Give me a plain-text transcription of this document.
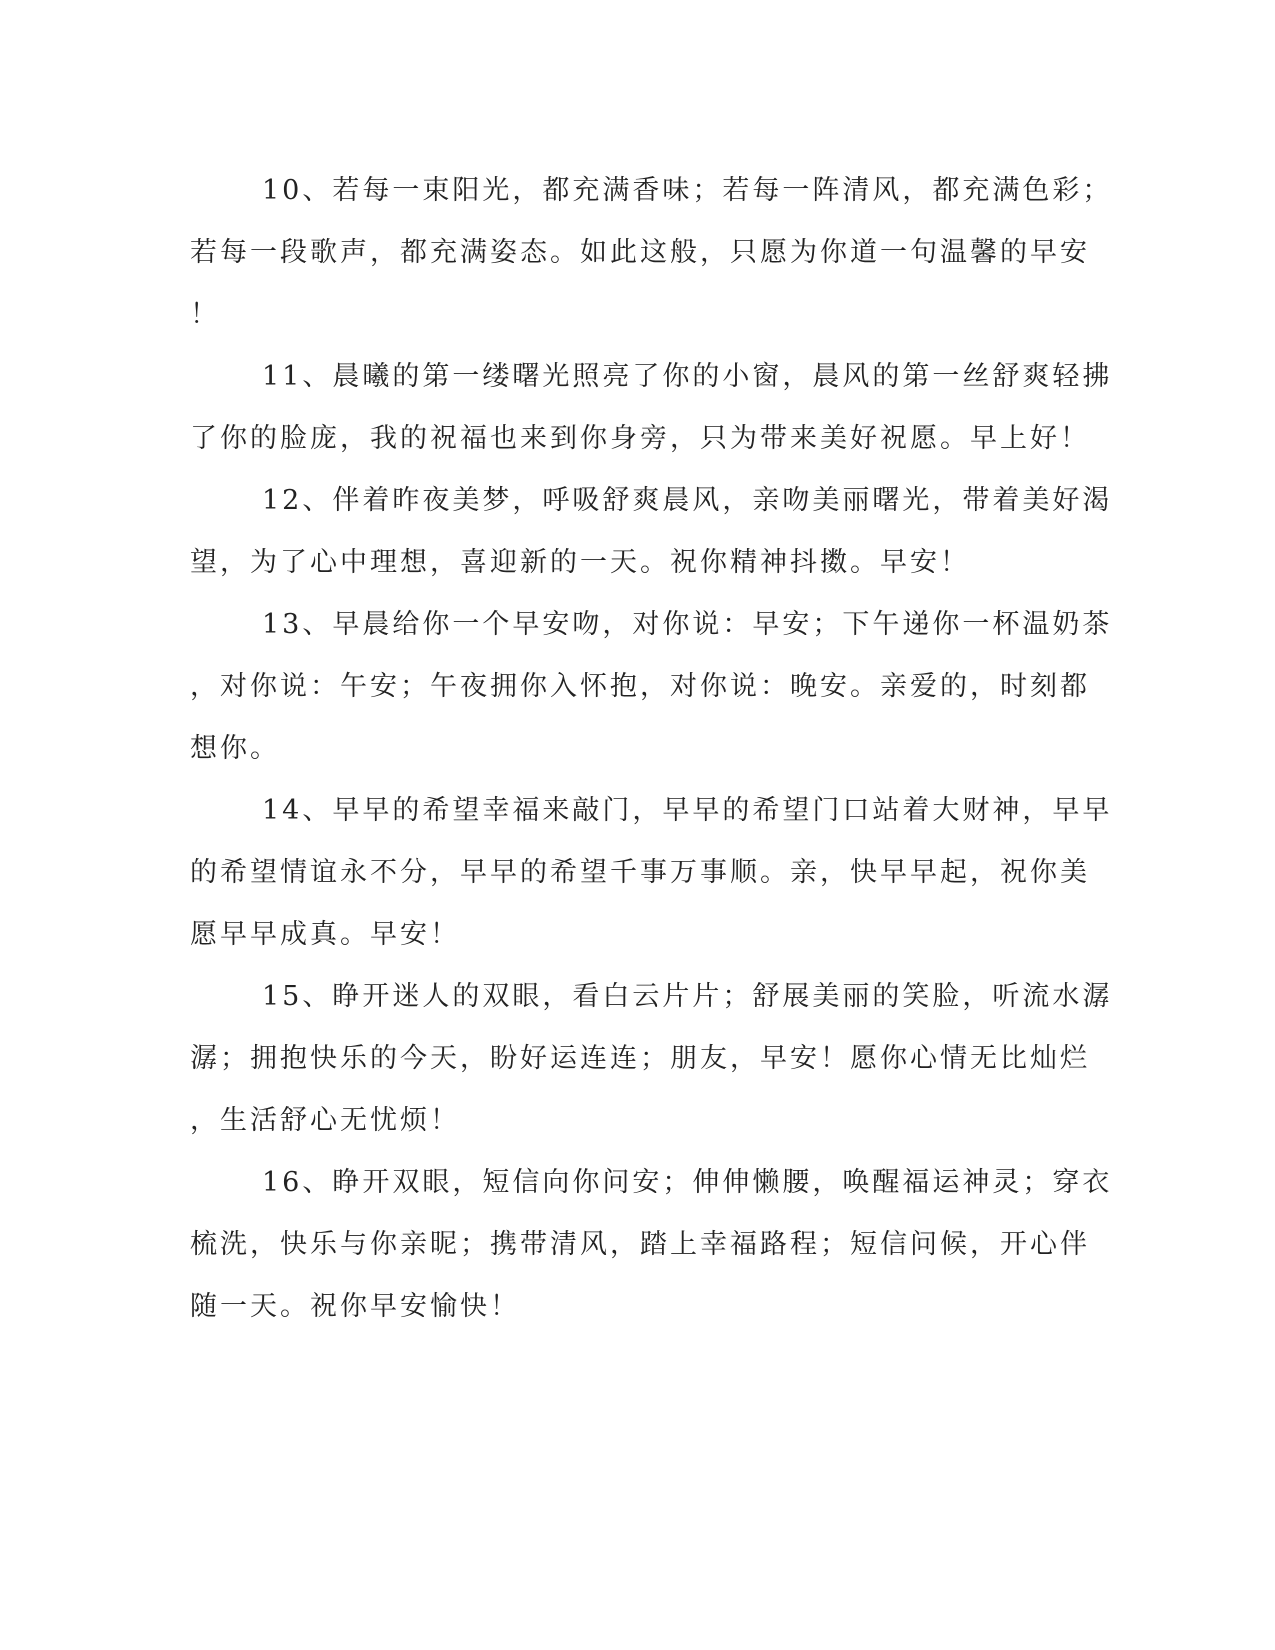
10、若每一束阳光，都充满香味；若每一阵清风，都充满色彩；
若每一段歌声，都充满姿态。如此这般，只愿为你道一句温馨的早安
！
11、晨曦的第一缕曙光照亮了你的小窗，晨风的第一丝舒爽轻拂
了你的脸庞，我的祝福也来到你身旁，只为带来美好祝愿。早上好！
12、伴着昨夜美梦，呼吸舒爽晨风，亲吻美丽曙光，带着美好渴
望，为了心中理想，喜迎新的一天。祝你精神抖擞。早安！
13、早晨给你一个早安吻，对你说：早安；下午递你一杯温奶茶
，对你说：午安；午夜拥你入怀抱，对你说：晚安。亲爱的，时刻都
想你。
14、早早的希望幸福来敲门，早早的希望门口站着大财神，早早
的希望情谊永不分，早早的希望千事万事顺。亲，快早早起，祝你美
愿早早成真。早安！
15、睁开迷人的双眼，看白云片片；舒展美丽的笑脸，听流水潺
潺；拥抱快乐的今天，盼好运连连；朋友，早安！愿你心情无比灿烂
，生活舒心无忧烦！
16、睁开双眼，短信向你问安；伸伸懒腰，唤醒福运神灵；穿衣
梳洗，快乐与你亲昵；携带清风，踏上幸福路程；短信问候，开心伴
随一天。祝你早安愉快！
